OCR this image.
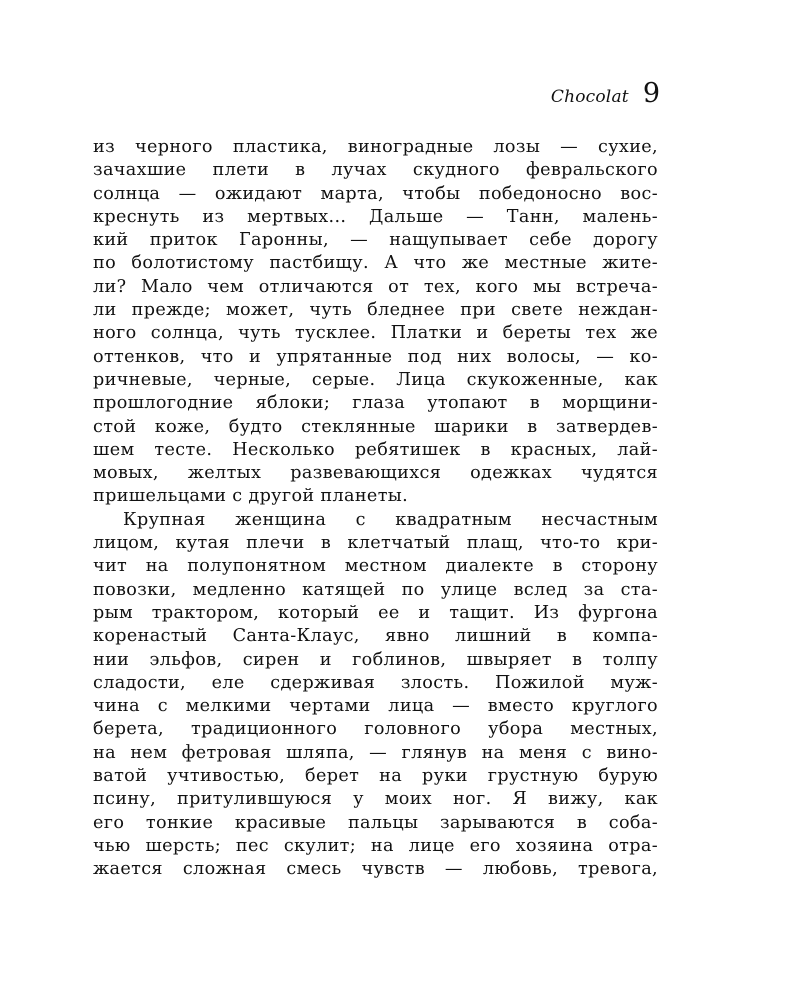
Chocolat 9
из черного пластика, виноградные лозы — сухие,
зачахшие плети в лучах скудного февральского
солнца — ожидают марта, чтобы победоносно вос-
креснуть из мертвых... Дальше — Танн, малень-
кий приток Гаронны, — нащупывает себе дорогу
по болотистому пастбищу. А что же местные жите-
ли? Мало чем отличаются от тех, кого мы встреча-
ли прежде; может, чуть бледнее при свете неждан-
ного солнца, чуть тусклее. Платки и береты тех же
оттенков, что и упрятанные под них волосы, — ко-
ричневые, черные, серые. Лица скукоженные, как
прошлогодние яблоки; глаза утопают в морщини-
стой коже, будто стеклянные шарики в затвердев-
шем тесте. Несколько ребятишек в красных, лай-
мовых, желтых развевающихся одежках чудятся
пришельцами с другой планеты.
Крупная женщина с квадратным несчастным
лицом, кутая плечи в клетчатый плащ, что-то кри-
чит на полупонятном местном диалекте в сторону
повозки, медленно катящей по улице вслед за ста-
рым трактором, который ее и тащит. Из фургона
коренастый Санта-Клаус, явно лишний в компа-
нии эльфов, сирен и гоблинов, швыряет в толпу
сладости, еле сдерживая злость. Пожилой муж-
чина с мелкими чертами лица — вместо круглого
берета, традиционного головного убора местных,
на нем фетровая шляпа, — глянув на меня с вино-
ватой учтивостью, берет на руки грустную бурую
псину, притулившуюся у моих ног. Я вижу, как
его тонкие красивые пальцы зарываются в соба-
чью шерсть; пес скулит; на лице его хозяина отра-
жается сложная смесь чувств — любовь, тревога,
